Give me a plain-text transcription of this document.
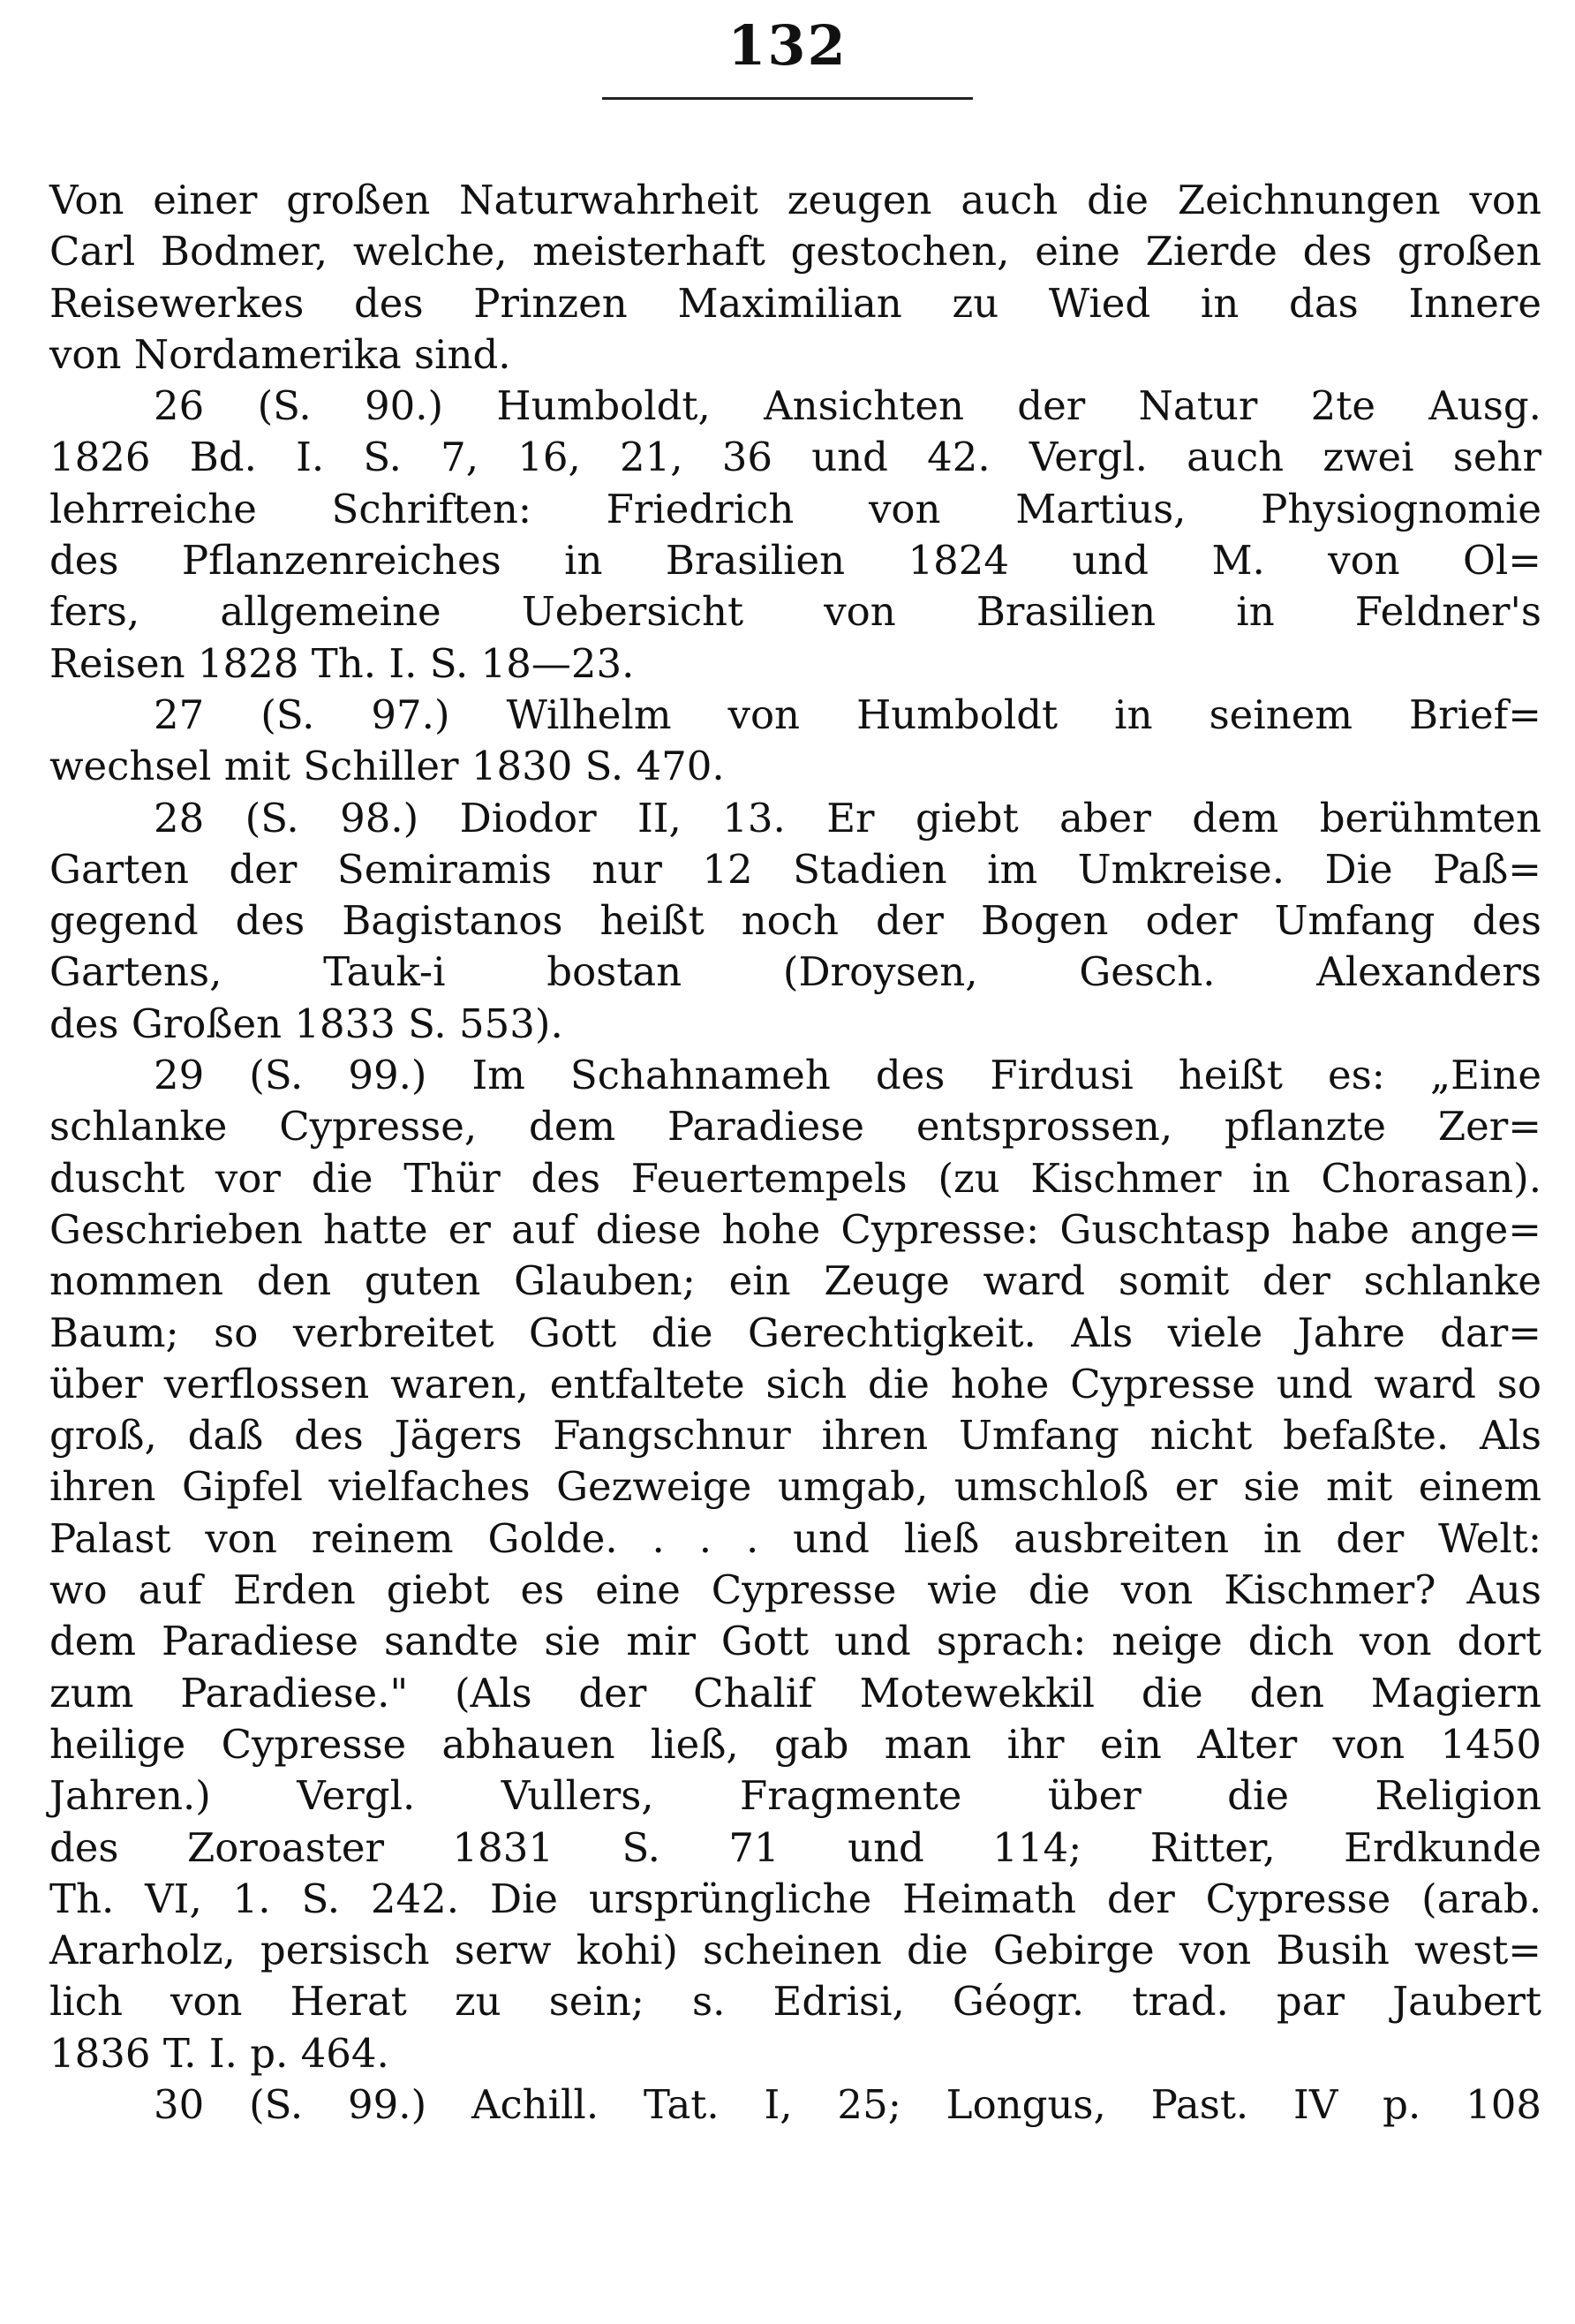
132
Von einer großen Naturwahrheit zeugen auch die Zeichnungen von
Carl Bodmer, welche, meisterhaft gestochen, eine Zierde des großen
Reisewerkes des Prinzen Maximilian zu Wied in das Innere
von Nordamerika sind.
26 (S. 90.) Humboldt, Ansichten der Natur 2te Ausg.
1826 Bd. I. S. 7, 16, 21, 36 und 42. Vergl. auch zwei sehr
lehrreiche Schriften: Friedrich von Martius, Physiognomie
des Pflanzenreiches in Brasilien 1824 und M. von Ol=
fers, allgemeine Uebersicht von Brasilien in Feldner's
Reisen 1828 Th. I. S. 18—23.
27 (S. 97.) Wilhelm von Humboldt in seinem Brief=
wechsel mit Schiller 1830 S. 470.
28 (S. 98.) Diodor II, 13. Er giebt aber dem berühmten
Garten der Semiramis nur 12 Stadien im Umkreise. Die Paß=
gegend des Bagistanos heißt noch der Bogen oder Umfang des
Gartens, Tauk-i bostan (Droysen, Gesch. Alexanders
des Großen 1833 S. 553).
29 (S. 99.) Im Schahnameh des Firdusi heißt es: „Eine
schlanke Cypresse, dem Paradiese entsprossen, pflanzte Zer=
duscht vor die Thür des Feuertempels (zu Kischmer in Chorasan).
Geschrieben hatte er auf diese hohe Cypresse: Guschtasp habe ange=
nommen den guten Glauben; ein Zeuge ward somit der schlanke
Baum; so verbreitet Gott die Gerechtigkeit. Als viele Jahre dar=
über verflossen waren, entfaltete sich die hohe Cypresse und ward so
groß, daß des Jägers Fangschnur ihren Umfang nicht befaßte. Als
ihren Gipfel vielfaches Gezweige umgab, umschloß er sie mit einem
Palast von reinem Golde. . . . und ließ ausbreiten in der Welt:
wo auf Erden giebt es eine Cypresse wie die von Kischmer? Aus
dem Paradiese sandte sie mir Gott und sprach: neige dich von dort
zum Paradiese." (Als der Chalif Motewekkil die den Magiern
heilige Cypresse abhauen ließ, gab man ihr ein Alter von 1450
Jahren.) Vergl. Vullers, Fragmente über die Religion
des Zoroaster 1831 S. 71 und 114; Ritter, Erdkunde
Th. VI, 1. S. 242. Die ursprüngliche Heimath der Cypresse (arab.
Ararholz, persisch serw kohi) scheinen die Gebirge von Busih west=
lich von Herat zu sein; s. Edrisi, Géogr. trad. par Jaubert
1836 T. I. p. 464.
30 (S. 99.) Achill. Tat. I, 25; Longus, Past. IV p. 108
